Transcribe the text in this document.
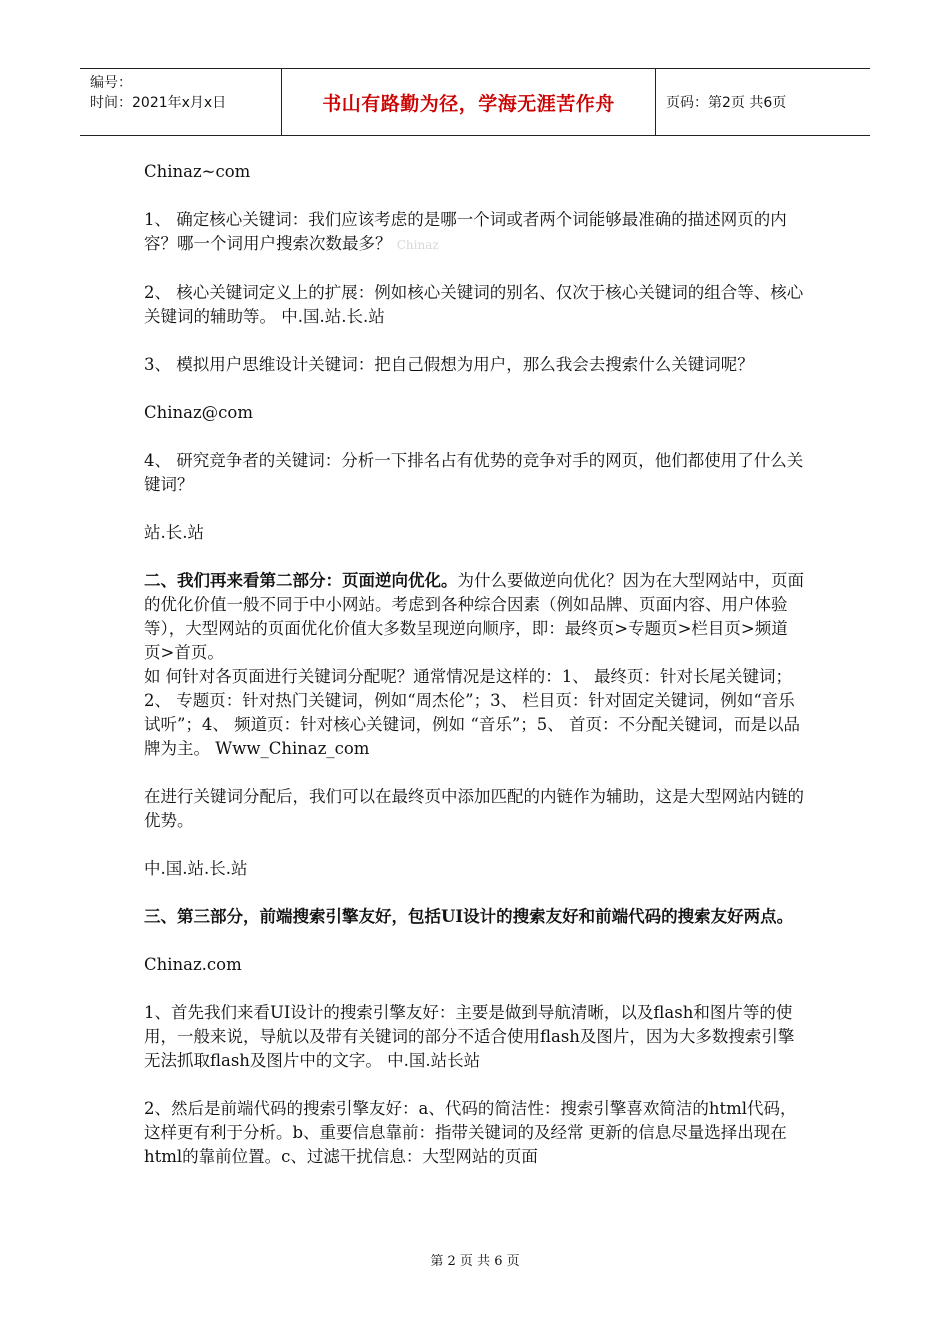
编号：
时间：2021年x月x日	书山有路勤为径，学海无涯苦作舟	页码：第2页 共6页

Chinaz~com

1、 确定核心关键词：我们应该考虑的是哪一个词或者两个词能够最准确的描述网页的内容？哪一个词用户搜索次数最多？ Chinaz

2、 核心关键词定义上的扩展：例如核心关键词的别名、仅次于核心关键词的组合等、核心关键词的辅助等。 中.国.站.长.站

3、 模拟用户思维设计关键词：把自己假想为用户，那么我会去搜索什么关键词呢？

Chinaz@com

4、 研究竞争者的关键词：分析一下排名占有优势的竞争对手的网页，他们都使用了什么关键词？

站.长.站

二、我们再来看第二部分：页面逆向优化。为什么要做逆向优化？因为在大型网站中，页面的优化价值一般不同于中小网站。考虑到各种综合因素（例如品牌、页面内容、用户体验等），大型网站的页面优化价值大多数呈现逆向顺序，即：最终页>专题页>栏目页>频道页>首页。

如 何针对各页面进行关键词分配呢？通常情况是这样的：1、 最终页：针对长尾关键词；2、 专题页：针对热门关键词，例如“周杰伦”；3、 栏目页：针对固定关键词，例如“音乐试听”；4、 频道页：针对核心关键词，例如 “音乐”；5、 首页：不分配关键词，而是以品牌为主。 Www_Chinaz_com

在进行关键词分配后，我们可以在最终页中添加匹配的内链作为辅助，这是大型网站内链的优势。

中.国.站.长.站

三、第三部分，前端搜索引擎友好，包括UI设计的搜索友好和前端代码的搜索友好两点。

Chinaz.com

1、首先我们来看UI设计的搜索引擎友好：主要是做到导航清晰，以及flash和图片等的使用，一般来说，导航以及带有关键词的部分不适合使用flash及图片，因为大多数搜索引擎无法抓取flash及图片中的文字。 中.国.站长站

2、然后是前端代码的搜索引擎友好：a、代码的简洁性：搜索引擎喜欢简洁的html代码，这样更有利于分析。b、重要信息靠前：指带关键词的及经常 更新的信息尽量选择出现在html的靠前位置。c、过滤干扰信息：大型网站的页面

第 2 页 共 6 页
